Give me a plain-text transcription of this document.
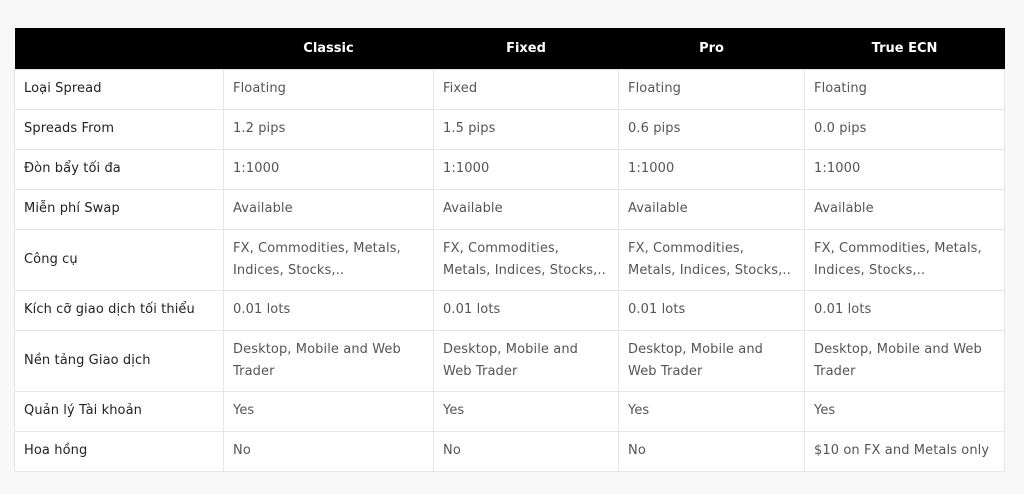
	Classic	Fixed	Pro	True ECN
Loại Spread	Floating	Fixed	Floating	Floating
Spreads From	1.2 pips	1.5 pips	0.6 pips	0.0 pips
Đòn bẩy tối đa	1:1000	1:1000	1:1000	1:1000
Miễn phí Swap	Available	Available	Available	Available
Công cụ	FX, Commodities, Metals, Indices, Stocks,..	FX, Commodities, Metals, Indices, Stocks,..	FX, Commodities, Metals, Indices, Stocks,..	FX, Commodities, Metals, Indices, Stocks,..
Kích cỡ giao dịch tối thiểu	0.01 lots	0.01 lots	0.01 lots	0.01 lots
Nền tảng Giao dịch	Desktop, Mobile and Web Trader	Desktop, Mobile and Web Trader	Desktop, Mobile and Web Trader	Desktop, Mobile and Web Trader
Quản lý Tài khoản	Yes	Yes	Yes	Yes
Hoa hồng	No	No	No	$10 on FX and Metals only
